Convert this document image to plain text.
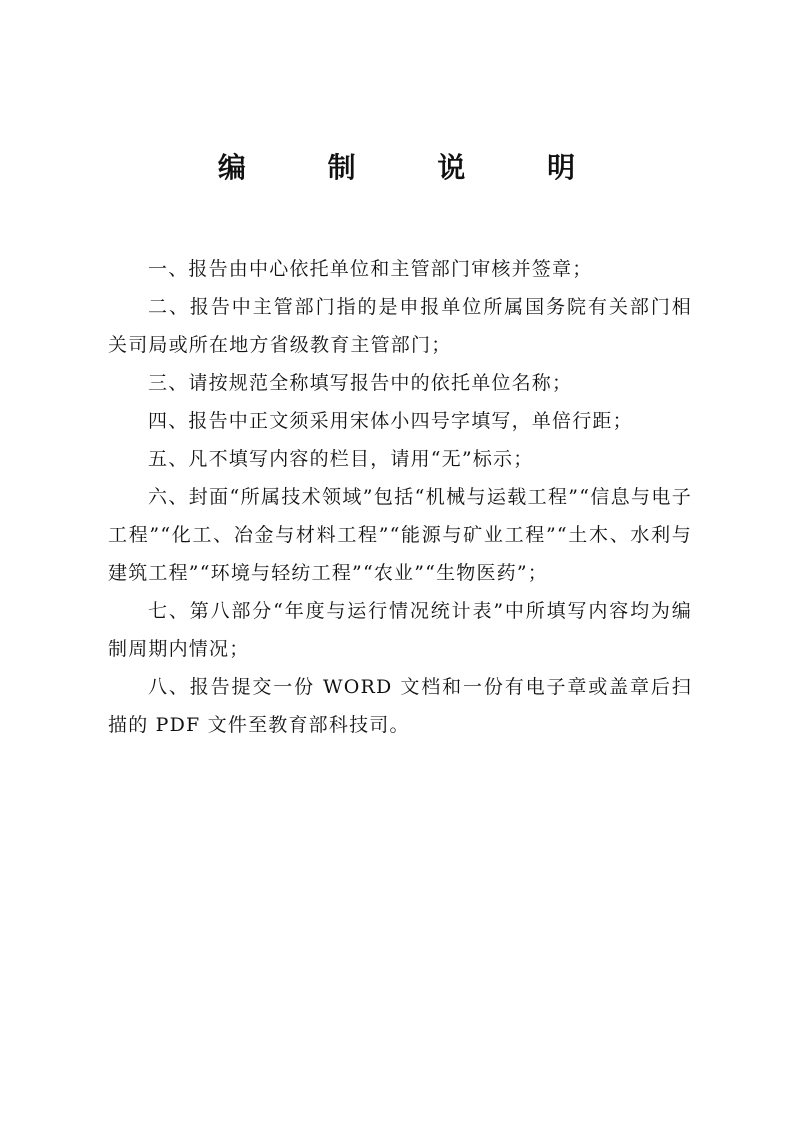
编 制 说 明

一、报告由中心依托单位和主管部门审核并签章；

二、报告中主管部门指的是申报单位所属国务院有关部门相关司局或所在地方省级教育主管部门；

三、请按规范全称填写报告中的依托单位名称；

四、报告中正文须采用宋体小四号字填写，单倍行距；

五、凡不填写内容的栏目，请用“无”标示；

六、封面“所属技术领域”包括“机械与运载工程”“信息与电子工程”“化工、冶金与材料工程”“能源与矿业工程”“土木、水利与建筑工程”“环境与轻纺工程”“农业”“生物医药”；

七、第八部分“年度与运行情况统计表”中所填写内容均为编制周期内情况；

八、报告提交一份 WORD 文档和一份有电子章或盖章后扫描的 PDF 文件至教育部科技司。
